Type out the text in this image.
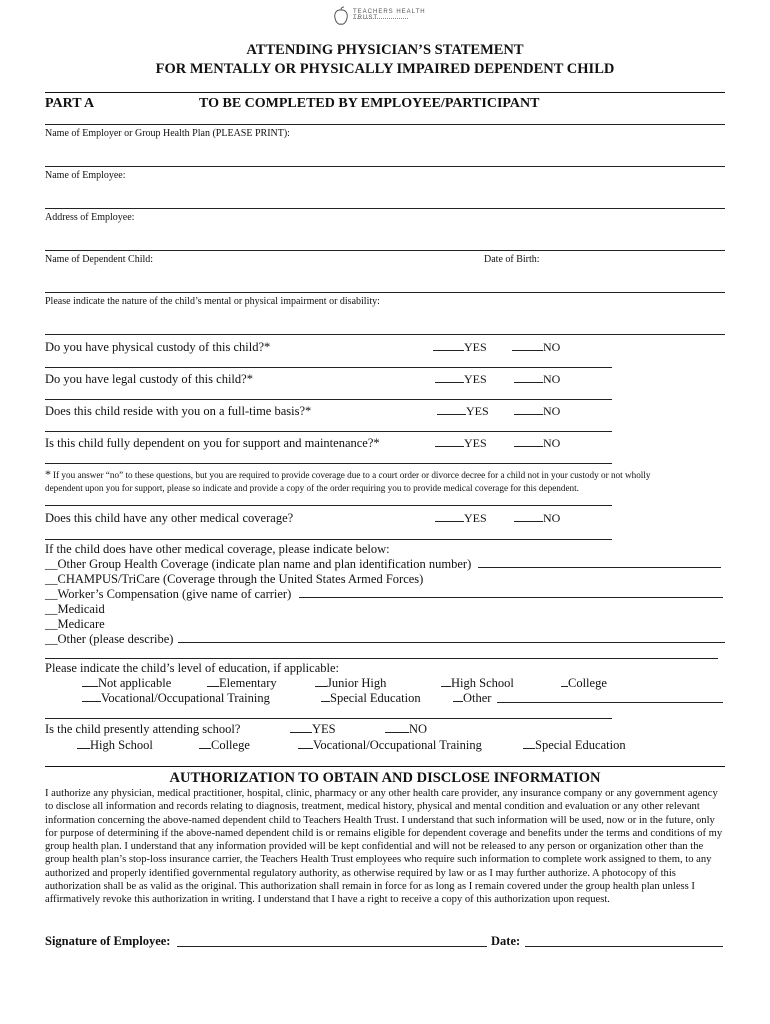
TEACHERS HEALTH TRUST
ATTENDING PHYSICIAN’S STATEMENT
FOR MENTALLY OR PHYSICALLY IMPAIRED DEPENDENT CHILD
PART A	TO BE COMPLETED BY EMPLOYEE/PARTICIPANT
Name of Employer or Group Health Plan (PLEASE PRINT):
Name of Employee:
Address of Employee:
Name of Dependent Child:	Date of Birth:
Please indicate the nature of the child’s mental or physical impairment or disability:
Do you have physical custody of this child?*	YES	NO
Do you have legal custody of this child?*	YES	NO
Does this child reside with you on a full-time basis?*	YES	NO
Is this child fully dependent on you for support and maintenance?*	YES	NO
* If you answer “no” to these questions, but you are required to provide coverage due to a court order or divorce decree for a child not in your custody or not wholly
dependent upon you for support, please so indicate and provide a copy of the order requiring you to provide medical coverage for this dependent.
Does this child have any other medical coverage?	YES	NO
If the child does have other medical coverage, please indicate below:
__Other Group Health Coverage (indicate plan name and plan identification number)
__CHAMPUS/TriCare (Coverage through the United States Armed Forces)
__Worker’s Compensation (give name of carrier)
__Medicaid
__Medicare
__Other (please describe)
Please indicate the child’s level of education, if applicable:
Not applicable	Elementary	Junior High	High School	College
Vocational/Occupational Training	Special Education	Other
Is the child presently attending school?	YES	NO
High School	College	Vocational/Occupational Training	Special Education
AUTHORIZATION TO OBTAIN AND DISCLOSE INFORMATION
I authorize any physician, medical practitioner, hospital, clinic, pharmacy or any other health care provider, any insurance company or any government agency to disclose all information and records relating to diagnosis, treatment, medical history, physical and mental condition and evaluation or any other relevant information concerning the above-named dependent child to Teachers Health Trust. I understand that such information will be used, now or in the future, only for purpose of determining if the above-named dependent child is or remains eligible for dependent coverage and benefits under the terms and conditions of my group health plan. I understand that any information provided will be kept confidential and will not be released to any person or organization other than the group health plan’s stop-loss insurance carrier, the Teachers Health Trust employees who require such information to complete work assigned to them, to any authorized and properly identified governmental regulatory authority, as otherwise required by law or as I may further authorize. A photocopy of this authorization shall be as valid as the original. This authorization shall remain in force for as long as I remain covered under the group health plan unless I affirmatively revoke this authorization in writing. I understand that I have a right to receive a copy of this authorization upon request.
Signature of Employee:	Date:
